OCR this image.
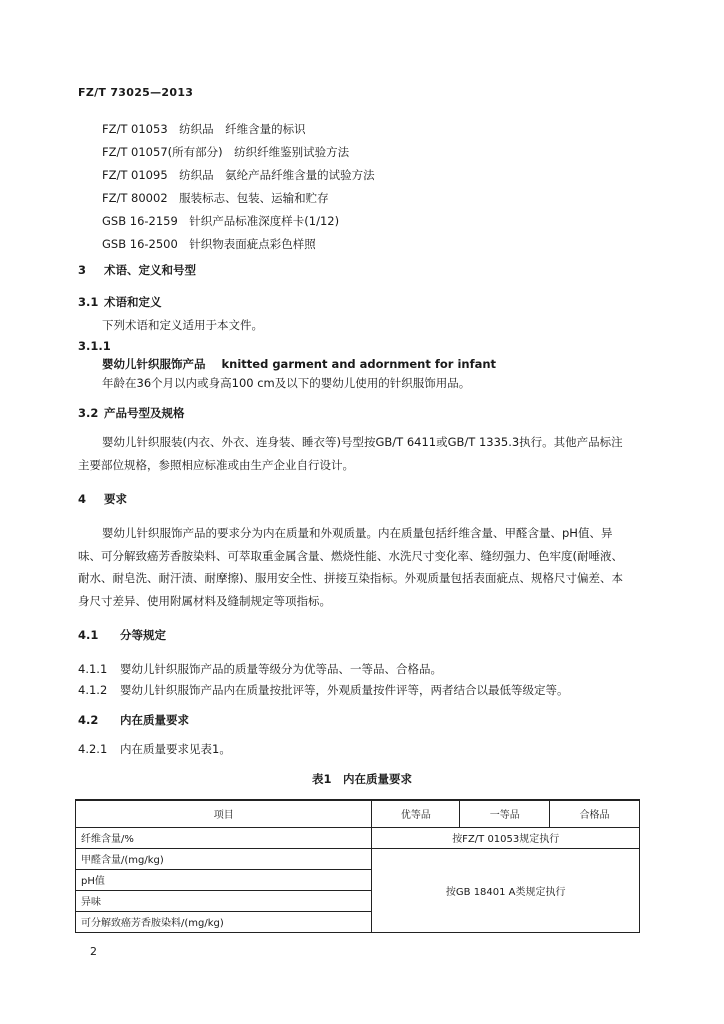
FZ/T 73025—2013
FZ/T 01053　纺织品　纤维含量的标识
FZ/T 01057(所有部分)　纺织纤维鉴别试验方法
FZ/T 01095　纺织品　氨纶产品纤维含量的试验方法
FZ/T 80002　服装标志、包装、运输和贮存
GSB 16-2159　针织产品标准深度样卡(1/12)
GSB 16-2500　针织物表面疵点彩色样照
3 术语、定义和号型
3.1 术语和定义
下列术语和定义适用于本文件。
3.1.1
婴幼儿针织服饰产品 knitted garment and adornment for infant
年龄在36个月以内或身高100 cm及以下的婴幼儿使用的针织服饰用品。
3.2 产品号型及规格
婴幼儿针织服装(内衣、外衣、连身装、睡衣等)号型按GB/T 6411或GB/T 1335.3执行。其他产品标注主要部位规格，参照相应标准或由生产企业自行设计。
4 要求
婴幼儿针织服饰产品的要求分为内在质量和外观质量。内在质量包括纤维含量、甲醛含量、pH值、异味、可分解致癌芳香胺染料、可萃取重金属含量、燃烧性能、水洗尺寸变化率、缝纫强力、色牢度(耐唾液、耐水、耐皂洗、耐汗渍、耐摩擦)、服用安全性、拼接互染指标。外观质量包括表面疵点、规格尺寸偏差、本身尺寸差异、使用附属材料及缝制规定等项指标。
4.1 分等规定
4.1.1 婴幼儿针织服饰产品的质量等级分为优等品、一等品、合格品。
4.1.2 婴幼儿针织服饰产品内在质量按批评等，外观质量按件评等，两者结合以最低等级定等。
4.2 内在质量要求
4.2.1 内在质量要求见表1。
表1　内在质量要求
项目	优等品	一等品	合格品
纤维含量/%	按FZ/T 01053规定执行		
甲醛含量/(mg/kg)	按GB 18401 A类规定执行		
pH值			
异味			
可分解致癌芳香胺染料/(mg/kg)			
2
